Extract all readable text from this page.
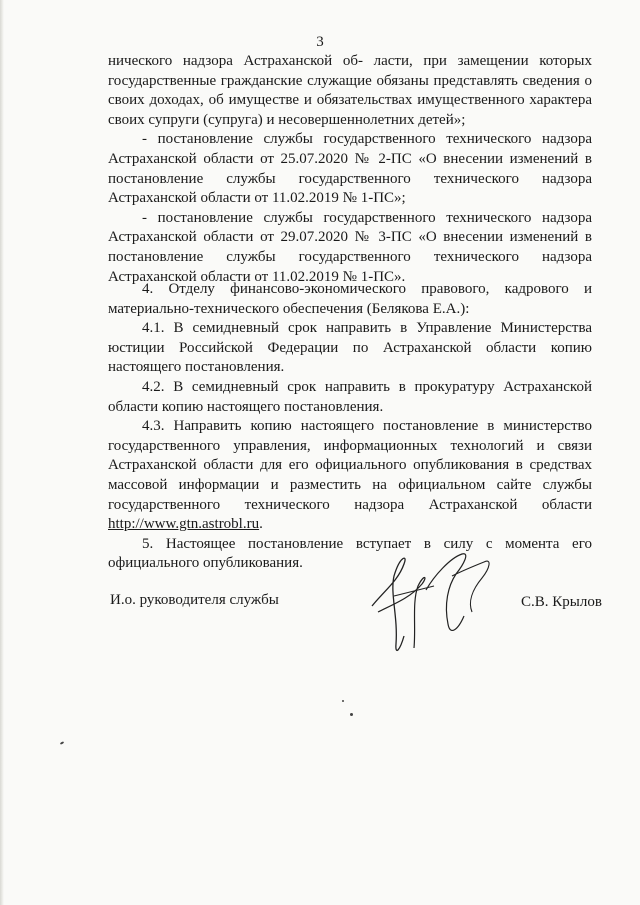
3

ничеcкого надзора Астраханской об- ласти, при замещении которых государственные гражданские служащие обязаны представлять сведения о своих доходах, об имуществе и обязательствах имущественного характера своих супруги (супруга) и несовершеннолетних детей»;

- постановление службы государственного технического надзора Астраханской области от 25.07.2020 № 2-ПС «О внесении изменений в постановление службы государственного технического надзора Астраханской области от 11.02.2019 № 1-ПС»;

- постановление службы государственного технического надзора Астраханской области от 29.07.2020 № 3-ПС «О внесении изменений в постановление службы государственного технического надзора Астраханской области от 11.02.2019 № 1-ПС».

4. Отделу финансово-экономического правового, кадрового и материально-технического обеспечения (Белякова Е.А.):

4.1. В семидневный срок направить в Управление Министерства юстиции Российской Федерации по Астраханской области копию настоящего постановления.

4.2. В семидневный срок направить в прокуратуру Астраханской области копию настоящего постановления.

4.3. Направить копию настоящего постановление в министерство государственного управления, информационных технологий и связи Астраханской области для его официального опубликования в средствах массовой информации и разместить на официальном сайте службы государственного технического надзора Астраханской области http://www.gtn.astrobl.ru.

5. Настоящее постановление вступает в силу с момента его официального опубликования.

И.о. руководителя службы	С.В. Крылов
